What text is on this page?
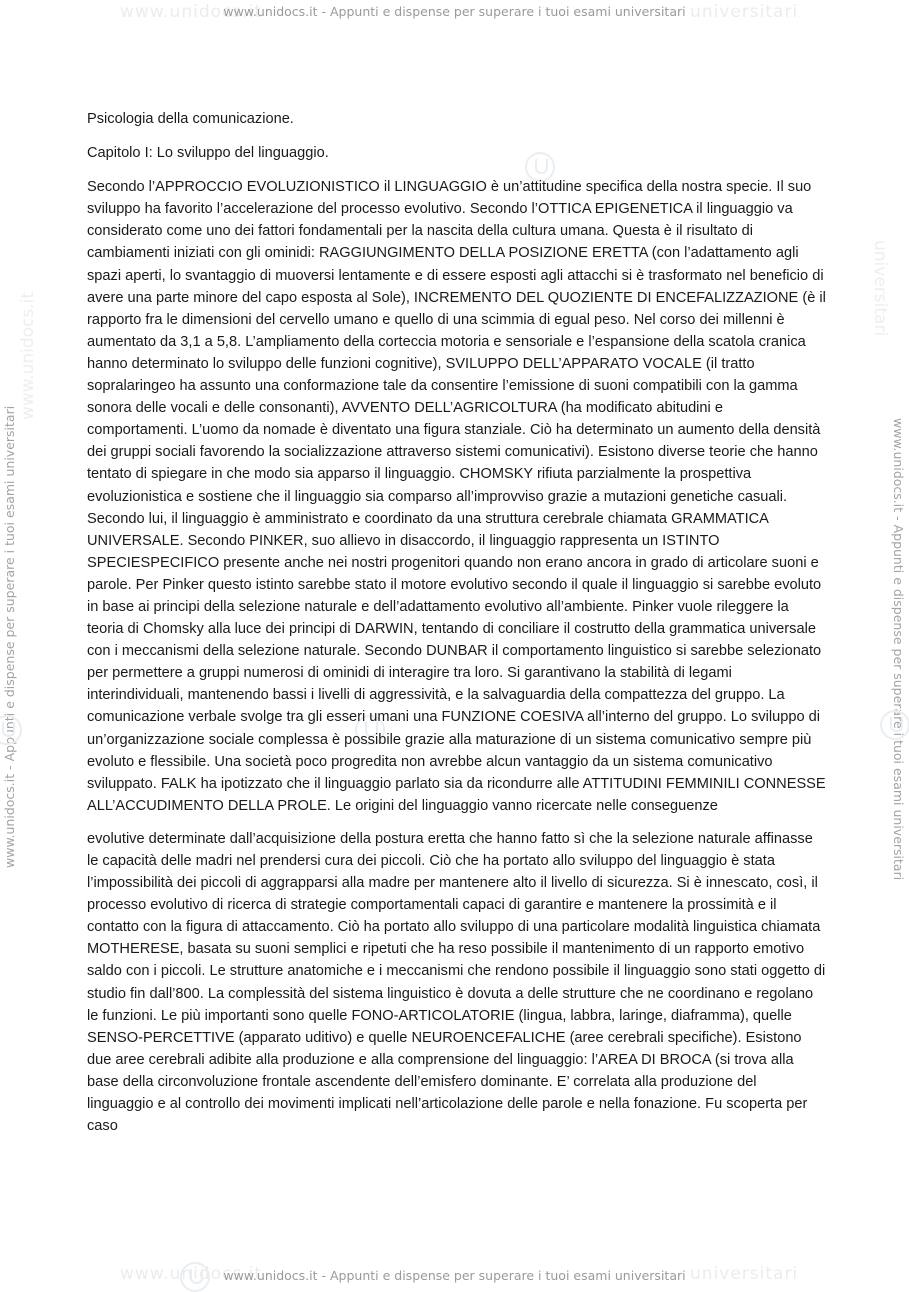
www.unidocs.it	universitari
www.unidocs.it	universitari
www.unidocs.it - Appunti e dispense per superare i tuoi esami universitari
www.unidocs.it - Appunti e dispense per superare i tuoi esami universitari
www.unidocs.it - Appunti e dispense per superare i tuoi esami universitari	www.unidocs.it - Appunti e dispense per superare i tuoi esami universitari
www.unidocs.it
universitari

Psicologia della comunicazione.

Capitolo I: Lo sviluppo del linguaggio.

Secondo l’APPROCCIO EVOLUZIONISTICO il LINGUAGGIO è un’attitudine specifica della nostra specie. Il suo sviluppo ha favorito l’accelerazione del processo evolutivo. Secondo l’OTTICA EPIGENETICA il linguaggio va considerato come uno dei fattori fondamentali per la nascita della cultura umana. Questa è il risultato di cambiamenti iniziati con gli ominidi: RAGGIUNGIMENTO DELLA POSIZIONE ERETTA (con l’adattamento agli spazi aperti, lo svantaggio di muoversi lentamente e di essere esposti agli attacchi si è trasformato nel beneficio di avere una parte minore del capo esposta al Sole), INCREMENTO DEL QUOZIENTE DI ENCEFALIZZAZIONE (è il rapporto fra le dimensioni del cervello umano e quello di una scimmia di egual peso. Nel corso dei millenni è aumentato da 3,1 a 5,8. L’ampliamento della corteccia motoria e sensoriale e l’espansione della scatola cranica hanno determinato lo sviluppo delle funzioni cognitive), SVILUPPO DELL’APPARATO VOCALE (il tratto sopralaringeo ha assunto una conformazione tale da consentire l’emissione di suoni compatibili con la gamma sonora delle vocali e delle consonanti), AVVENTO DELL’AGRICOLTURA (ha modificato abitudini e comportamenti. L’uomo da nomade è diventato una figura stanziale. Ciò ha determinato un aumento della densità dei gruppi sociali favorendo la socializzazione attraverso sistemi comunicativi). Esistono diverse teorie che hanno tentato di spiegare in che modo sia apparso il linguaggio. CHOMSKY rifiuta parzialmente la prospettiva evoluzionistica e sostiene che il linguaggio sia comparso all’improvviso grazie a mutazioni genetiche casuali. Secondo lui, il linguaggio è amministrato e coordinato da una struttura cerebrale chiamata GRAMMATICA UNIVERSALE. Secondo PINKER, suo allievo in disaccordo, il linguaggio rappresenta un ISTINTO SPECIESPECIFICO presente anche nei nostri progenitori quando non erano ancora in grado di articolare suoni e parole. Per Pinker questo istinto sarebbe stato il motore evolutivo secondo il quale il linguaggio si sarebbe evoluto in base ai principi della selezione naturale e dell’adattamento evolutivo all’ambiente. Pinker vuole rileggere la teoria di Chomsky alla luce dei principi di DARWIN, tentando di conciliare il costrutto della grammatica universale con i meccanismi della selezione naturale. Secondo DUNBAR il comportamento linguistico si sarebbe selezionato per permettere a gruppi numerosi di ominidi di interagire tra loro. Si garantivano la stabilità di legami interindividuali, mantenendo bassi i livelli di aggressività, e la salvaguardia della compattezza del gruppo. La comunicazione verbale svolge tra gli esseri umani una FUNZIONE COESIVA all’interno del gruppo. Lo sviluppo di un’organizzazione sociale complessa è possibile grazie alla maturazione di un sistema comunicativo sempre più evoluto e flessibile. Una società poco progredita non avrebbe alcun vantaggio da un sistema comunicativo sviluppato. FALK ha ipotizzato che il linguaggio parlato sia da ricondurre alle ATTITUDINI FEMMINILI CONNESSE ALL’ACCUDIMENTO DELLA PROLE. Le origini del linguaggio vanno ricercate nelle conseguenze

evolutive determinate dall’acquisizione della postura eretta che hanno fatto sì che la selezione naturale affinasse le capacità delle madri nel prendersi cura dei piccoli. Ciò che ha portato allo sviluppo del linguaggio è stata l’impossibilità dei piccoli di aggrapparsi alla madre per mantenere alto il livello di sicurezza. Si è innescato, così, il processo evolutivo di ricerca di strategie comportamentali capaci di garantire e mantenere la prossimità e il contatto con la figura di attaccamento. Ciò ha portato allo sviluppo di una particolare modalità linguistica chiamata MOTHERESE, basata su suoni semplici e ripetuti che ha reso possibile il mantenimento di un rapporto emotivo saldo con i piccoli. Le strutture anatomiche e i meccanismi che rendono possibile il linguaggio sono stati oggetto di studio fin dall’800. La complessità del sistema linguistico è dovuta a delle strutture che ne coordinano e regolano le funzioni. Le più importanti sono quelle FONO-ARTICOLATORIE (lingua, labbra, laringe, diaframma), quelle SENSO-PERCETTIVE (apparato uditivo) e quelle NEUROENCEFALICHE (aree cerebrali specifiche). Esistono due aree cerebrali adibite alla produzione e alla comprensione del linguaggio: l’AREA DI BROCA (si trova alla base della circonvoluzione frontale ascendente dell’emisfero dominante. E’ correlata alla produzione del linguaggio e al controllo dei movimenti implicati nell’articolazione delle parole e nella fonazione. Fu scoperta per caso
